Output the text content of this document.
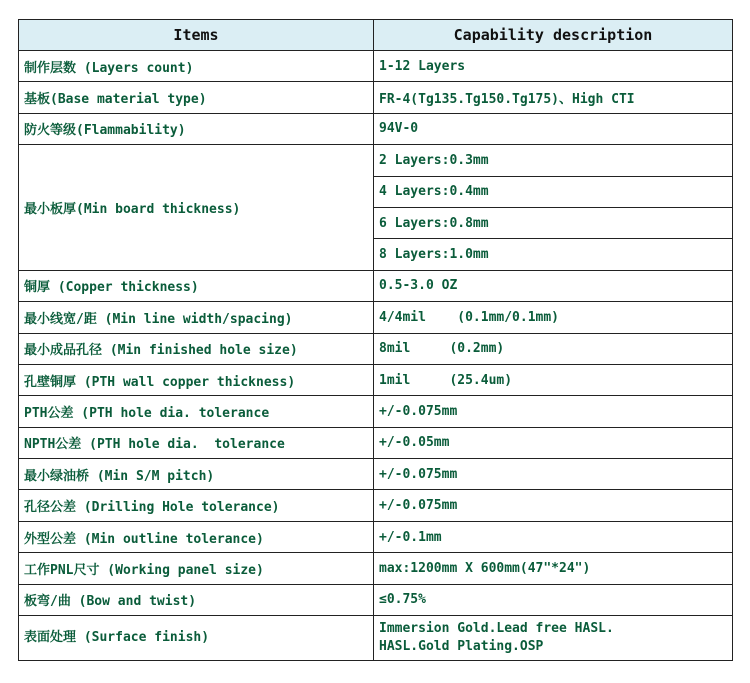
Items	Capability description
制作层数 (Layers count)	1-12 Layers
基板(Base material type)	FR-4(Tg135.Tg150.Tg175)、High CTI
防火等级(Flammability)	94V-0
最小板厚(Min board thickness)	2 Layers:0.3mm
	4 Layers:0.4mm
	6 Layers:0.8mm
	8 Layers:1.0mm
铜厚 (Copper thickness)	0.5-3.0 OZ
最小线宽/距 (Min line width/spacing)	4/4mil    (0.1mm/0.1mm)
最小成品孔径 (Min finished hole size)	8mil     (0.2mm)
孔壁铜厚 (PTH wall copper thickness)	1mil     (25.4um)
PTH公差 (PTH hole dia. tolerance	+/-0.075mm
NPTH公差 (PTH hole dia.  tolerance	+/-0.05mm
最小绿油桥 (Min S/M pitch)	+/-0.075mm
孔径公差 (Drilling Hole tolerance)	+/-0.075mm
外型公差 (Min outline tolerance)	+/-0.1mm
工作PNL尺寸 (Working panel size)	max:1200mm X 600mm(47"*24")
板弯/曲 (Bow and twist)	≤0.75%
表面处理 (Surface finish)	Immersion Gold.Lead free HASL.
HASL.Gold Plating.OSP
